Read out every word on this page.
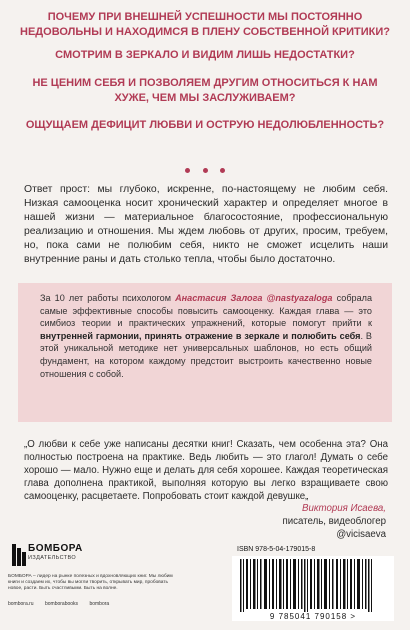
ПОЧЕМУ ПРИ ВНЕШНЕЙ УСПЕШНОСТИ МЫ ПОСТОЯННО НЕДОВОЛЬНЫ И НАХОДИМСЯ В ПЛЕНУ СОБСТВЕННОЙ КРИТИКИ?
СМОТРИМ В ЗЕРКАЛО И ВИДИМ ЛИШЬ НЕДОСТАТКИ?
НЕ ЦЕНИМ СЕБЯ И ПОЗВОЛЯЕМ ДРУГИМ ОТНОСИТЬСЯ К НАМ ХУЖЕ, ЧЕМ МЫ ЗАСЛУЖИВАЕМ?
ОЩУЩАЕМ ДЕФИЦИТ ЛЮБВИ И ОСТРУЮ НЕДОЛЮБЛЕННОСТЬ?

Ответ прост: мы глубоко, искренне, по-настоящему не любим себя. Низкая самооценка носит хронический характер и определяет многое в нашей жизни — материальное благосостояние, профессиональную реализацию и отношения. Мы ждем любовь от других, просим, требуем, но, пока сами не полюбим себя, никто не сможет исцелить наши внутренние раны и дать столько тепла, чтобы было достаточно.
За 10 лет работы психологом Анастасия Залога @nastyazaloga собрала самые эффективные способы повысить самооценку. Каждая глава — это симбиоз теории и практических упражнений, которые помогут прийти к внутренней гармонии, принять отражение в зеркале и полюбить себя. В этой уникальной методике нет универсальных шаблонов, но есть общий фундамент, на котором каждому предстоит выстроить качественно новые отношения с собой.
„О любви к себе уже написаны десятки книг! Сказать, чем особенна эта? Она полностью построена на практике. Ведь любить — это глагол! Думать о себе хорошо — мало. Нужно еще и делать для себя хорошее. Каждая теоретическая глава дополнена практикой, выполняя которую вы легко взращиваете свою самооценку, расцветаете. Попробовать стоит каждой девушке„
Виктория Исаева,
писатель, видеоблогер
@vicisaeva
БОМБОРА
ИЗДАТЕЛЬСТВО
БОМБОРА – лидер на рынке полезных и вдохновляющих книг. Мы любим книги и создаем их, чтобы вы могли творить, открывать мир, пробовать новое, расти. Быть счастливыми. Быть на волне.
bombora.ru bomborabooks bombora
ISBN 978-5-04-179015-8
9 785041 790158 >
